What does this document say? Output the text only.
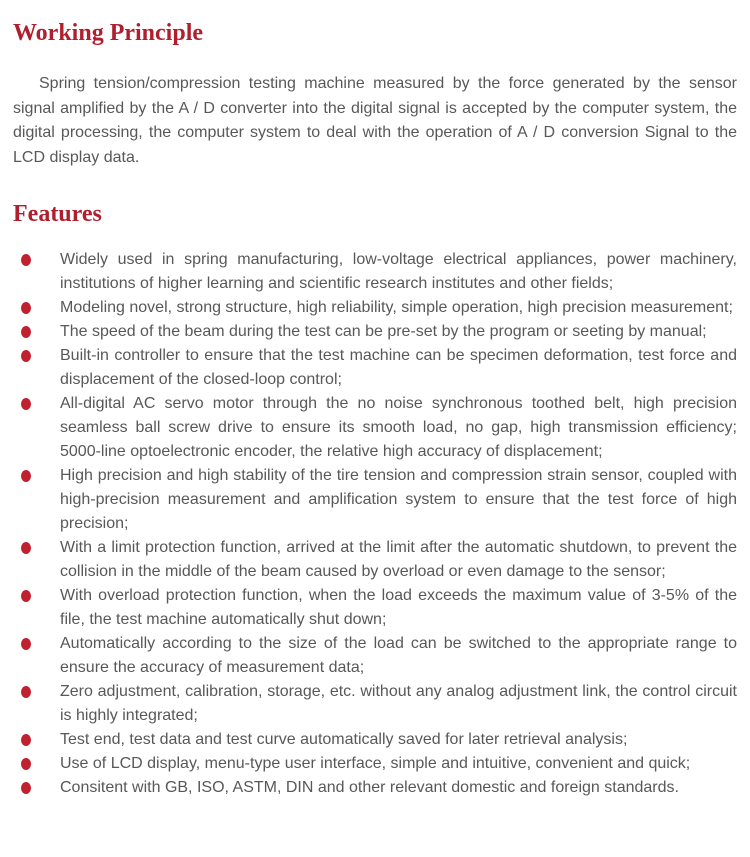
Working Principle

Spring tension/compression testing machine measured by the force generated by the sensor signal amplified by the A / D converter into the digital signal is accepted by the computer system, the digital processing, the computer system to deal with the operation of A / D conversion Signal to the LCD display data.

Features
Widely used in spring manufacturing, low-voltage electrical appliances, power machinery, institutions of higher learning and scientific research institutes and other fields;
Modeling novel, strong structure, high reliability, simple operation, high precision measurement;
The speed of the beam during the test can be pre-set by the program or seeting by manual;
Built-in controller to ensure that the test machine can be specimen deformation, test force and displacement of the closed-loop control;
All-digital AC servo motor through the no noise synchronous toothed belt, high precision seamless ball screw drive to ensure its smooth load, no gap, high transmission efficiency; 5000-line optoelectronic encoder, the relative high accuracy of displacement;
High precision and high stability of the tire tension and compression strain sensor, coupled with high-precision measurement and amplification system to ensure that the test force of high precision;
With a limit protection function, arrived at the limit after the automatic shutdown, to prevent the collision in the middle of the beam caused by overload or even damage to the sensor;
With overload protection function, when the load exceeds the maximum value of 3-5% of the file, the test machine automatically shut down;
Automatically according to the size of the load can be switched to the appropriate range to ensure the accuracy of measurement data;
Zero adjustment, calibration, storage, etc. without any analog adjustment link, the control circuit is highly integrated;
Test end, test data and test curve automatically saved for later retrieval analysis;
Use of LCD display, menu-type user interface, simple and intuitive, convenient and quick;
Consitent with GB, ISO, ASTM, DIN and other relevant domestic and foreign standards.
